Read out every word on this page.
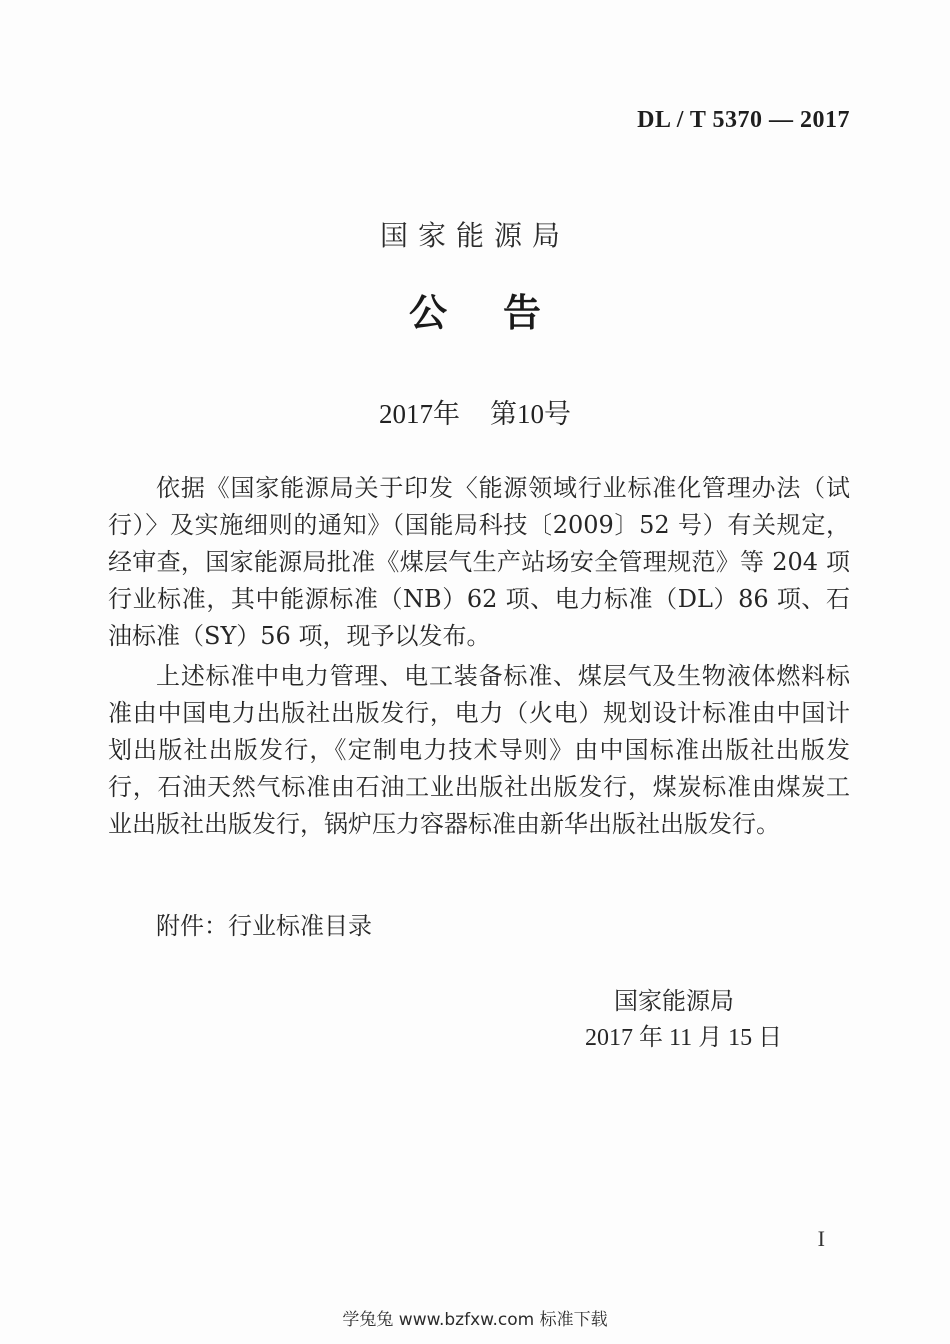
DL / T 5370 — 2017
国家能源局
公告
2017年 第10号

依据《国家能源局关于印发〈能源领域行业标准化管理办法（试行）〉及实施细则的通知》（国能局科技〔2009〕52 号）有关规定，经审查，国家能源局批准《煤层气生产站场安全管理规范》等 204 项行业标准，其中能源标准（NB）62 项、电力标准（DL）86 项、石油标准（SY）56 项，现予以发布。

上述标准中电力管理、电工装备标准、煤层气及生物液体燃料标准由中国电力出版社出版发行，电力（火电）规划设计标准由中国计划出版社出版发行，《定制电力技术导则》由中国标准出版社出版发行，石油天然气标准由石油工业出版社出版发行，煤炭标准由煤炭工业出版社出版发行，锅炉压力容器标准由新华出版社出版发行。

附件：行业标准目录
国家能源局
2017 年 11 月 15 日
I
学兔兔 www.bzfxw.com 标准下载
